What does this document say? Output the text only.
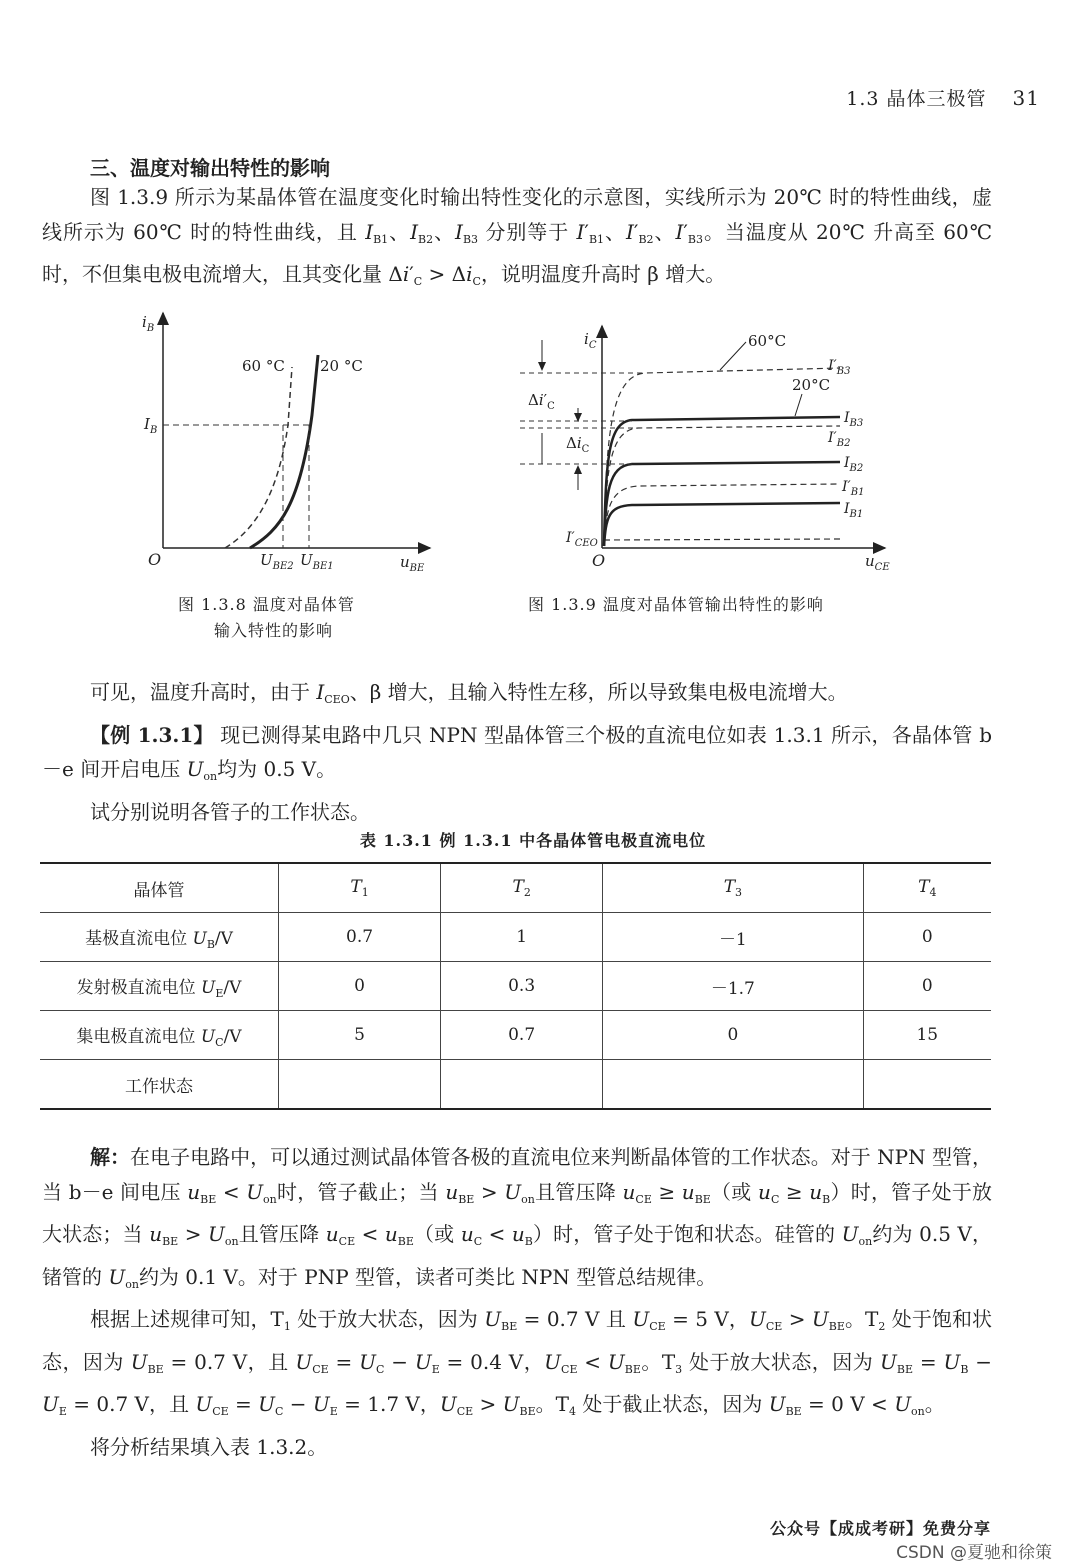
1.3 晶体三极管 31
三、温度对输出特性的影响

图 1.3.9 所示为某晶体管在温度变化时输出特性变化的示意图，实线所示为 20℃ 时的特性曲线，虚线所示为 60℃ 时的特性曲线，且 $I_{B1}$、$I_{B2}$、$I_{B3}$ 分别等于 $I'_{B1}$、$I'_{B2}$、$I'_{B3}$。当温度从 20℃ 升高至 60℃ 时，不但集电极电流增大，且其变化量 $\Delta i'_C > \Delta i_C$，说明温度升高时 β 增大。

$i_B$
$u_{BE}$
O
$I_B$
60 °C 20 °C
$U_{BE2}$ $U_{BE1}$
图 1.3.8 温度对晶体管
输入特性的影响
$i_C$
$u_{CE}$
O
$\Delta i'_C$
$\Delta i_C$
60°C
20°C
$I'_{B3}$
$I_{B3}$
$I'_{B2}$
$I_{B2}$
$I'_{B1}$
$I_{B1}$
$I'_{CEO}$
图 1.3.9 温度对晶体管输出特性的影响

可见，温度升高时，由于 $I_{CEO}$、β 增大，且输入特性左移，所以导致集电极电流增大。

【例 1.3.1】 现已测得某电路中几只 NPN 型晶体管三个极的直流电位如表 1.3.1 所示，各晶体管 b－e 间开启电压 $U_{on}$均为 0.5 V。

试分别说明各管子的工作状态。

表 1.3.1 例 1.3.1 中各晶体管电极直流电位
晶体管	$T_1$	$T_2$	$T_3$	$T_4$
基极直流电位 $U_B/V$	0.7	1	－1	0
发射极直流电位 $U_E/V$	0	0.3	－1.7	0
集电极直流电位 $U_C/V$	5	0.7	0	15
工作状态				

解：在电子电路中，可以通过测试晶体管各极的直流电位来判断晶体管的工作状态。对于 NPN 型管，当 b－e 间电压 $u_{BE} < U_{on}$时，管子截止；当 $u_{BE} > U_{on}$且管压降 $u_{CE} \ge u_{BE}$（或 $u_C \ge u_B$）时，管子处于放大状态；当 $u_{BE} > U_{on}$且管压降 $u_{CE} < u_{BE}$（或 $u_C < u_B$）时，管子处于饱和状态。硅管的 $U_{on}$约为 0.5 V，锗管的 $U_{on}$约为 0.1 V。对于 PNP 型管，读者可类比 NPN 型管总结规律。

根据上述规律可知，$T_1$ 处于放大状态，因为 $U_{BE} = 0.7$ V 且 $U_{CE} = 5$ V，$U_{CE} > U_{BE}$。$T_2$ 处于饱和状态，因为 $U_{BE} = 0.7$ V，且 $U_{CE} = U_C - U_E = 0.4$ V，$U_{CE} < U_{BE}$。$T_3$ 处于放大状态，因为 $U_{BE} = U_B - U_E = 0.7$ V，且 $U_{CE} = U_C - U_E = 1.7$ V，$U_{CE} > U_{BE}$。$T_4$ 处于截止状态，因为 $U_{BE} = 0$ $V < U_{on}$。

将分析结果填入表 1.3.2。

公众号【成成考研】免费分享
CSDN @夏驰和徐策
